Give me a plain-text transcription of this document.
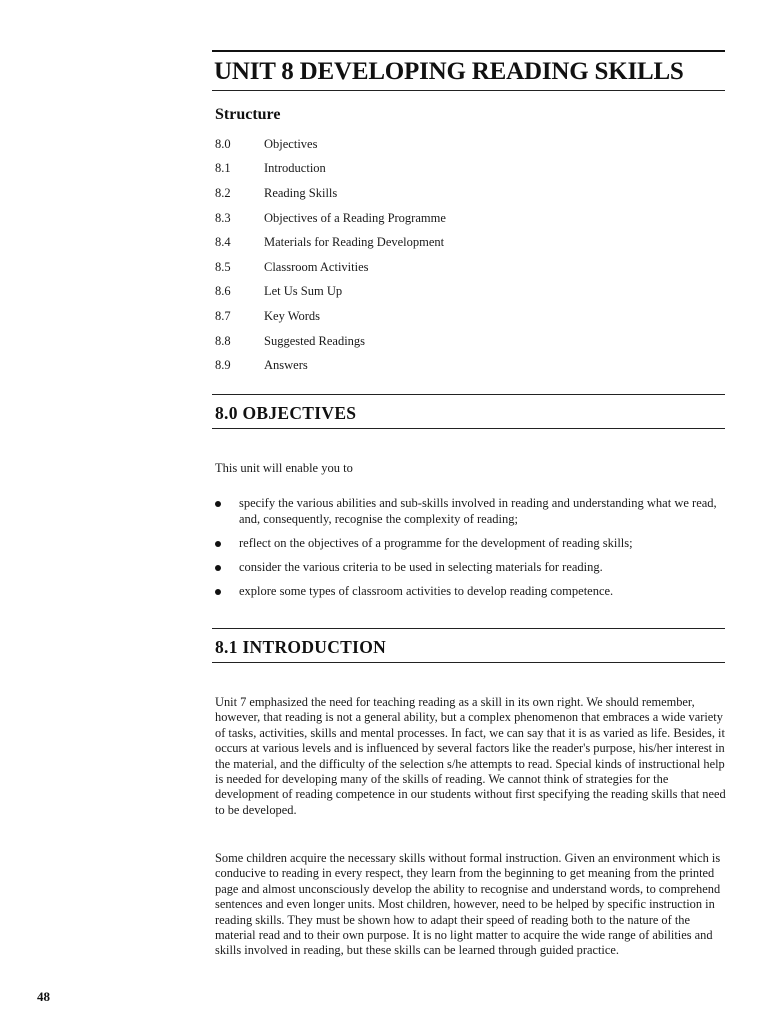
UNIT 8 DEVELOPING READING SKILLS
Structure
8.0	Objectives
8.1	Introduction
8.2	Reading Skills
8.3	Objectives of a Reading Programme
8.4	Materials for Reading Development
8.5	Classroom Activities
8.6	Let Us Sum Up
8.7	Key Words
8.8	Suggested Readings
8.9	Answers
8.0 OBJECTIVES

This unit will enable you to

specify the various abilities and sub-skills involved in reading and understanding what we read, and, consequently, recognise the complexity of reading;
reflect on the objectives of a programme for the development of reading skills;
consider the various criteria to be used in selecting materials for reading.
explore some types of classroom activities to develop reading competence.
8.1 INTRODUCTION

Unit 7 emphasized the need for teaching reading as a skill in its own right. We should remember, however, that reading is not a general ability, but a complex phenomenon that embraces a wide variety of tasks, activities, skills and mental processes. In fact, we can say that it is as varied as life. Besides, it occurs at various levels and is influenced by several factors like the reader's purpose, his/her interest in the material, and the difficulty of the selection s/he attempts to read. Special kinds of instructional help is needed for developing many of the skills of reading. We cannot think of strategies for the development of reading competence in our students without first specifying the reading skills that need to be developed.

Some children acquire the necessary skills without formal instruction. Given an environment which is conducive to reading in every respect, they learn from the beginning to get meaning from the printed page and almost unconsciously develop the ability to recognise and understand words, to comprehend sentences and even longer units. Most children, however, need to be helped by specific instruction in reading skills. They must be shown how to adapt their speed of reading both to the nature of the material read and to their own purpose. It is no light matter to acquire the wide range of abilities and skills involved in reading, but these skills can be learned through guided practice.

48
